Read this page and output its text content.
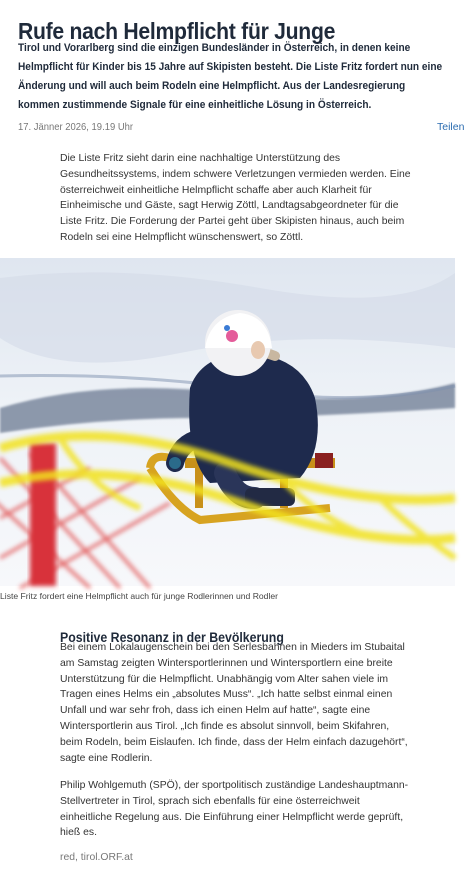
Rufe nach Helmpflicht für Junge
Tirol und Vorarlberg sind die einzigen Bundesländer in Österreich, in denen keine Helmpflicht für Kinder bis 15 Jahre auf Skipisten besteht. Die Liste Fritz fordert nun eine Änderung und will auch beim Rodeln eine Helmpflicht. Aus der Landesregierung kommen zustimmende Signale für eine einheitliche Lösung in Österreich.
17. Jänner 2026, 19.19 Uhr	Teilen
Die Liste Fritz sieht darin eine nachhaltige Unterstützung des Gesundheitssystems, indem schwere Verletzungen vermieden werden. Eine österreichweit einheitliche Helmpflicht schaffe aber auch Klarheit für Einheimische und Gäste, sagt Herwig Zöttl, Landtagsabgeordneter für die Liste Fritz. Die Forderung der Partei geht über Skipisten hinaus, auch beim Rodeln sei eine Helmpflicht wünschenswert, so Zöttl.
Liste Fritz fordert eine Helmpflicht auch für junge Rodlerinnen und Rodler
Positive Resonanz in der Bevölkerung
Bei einem Lokalaugenschein bei den Serlesbahnen in Mieders im Stubaital am Samstag zeigten Wintersportlerinnen und Wintersportlern eine breite Unterstützung für die Helmpflicht. Unabhängig vom Alter sahen viele im Tragen eines Helms ein „absolutes Muss“. „Ich hatte selbst einmal einen Unfall und war sehr froh, dass ich einen Helm auf hatte“, sagte eine Wintersportlerin aus Tirol. „Ich finde es absolut sinnvoll, beim Skifahren, beim Rodeln, beim Eislaufen. Ich finde, dass der Helm einfach dazugehört“, sagte eine Rodlerin.
Philip Wohlgemuth (SPÖ), der sportpolitisch zuständige Landeshauptmann-Stellvertreter in Tirol, sprach sich ebenfalls für eine österreichweit einheitliche Regelung aus. Die Einführung einer Helmpflicht werde geprüft, hieß es.
red, tirol.ORF.at
